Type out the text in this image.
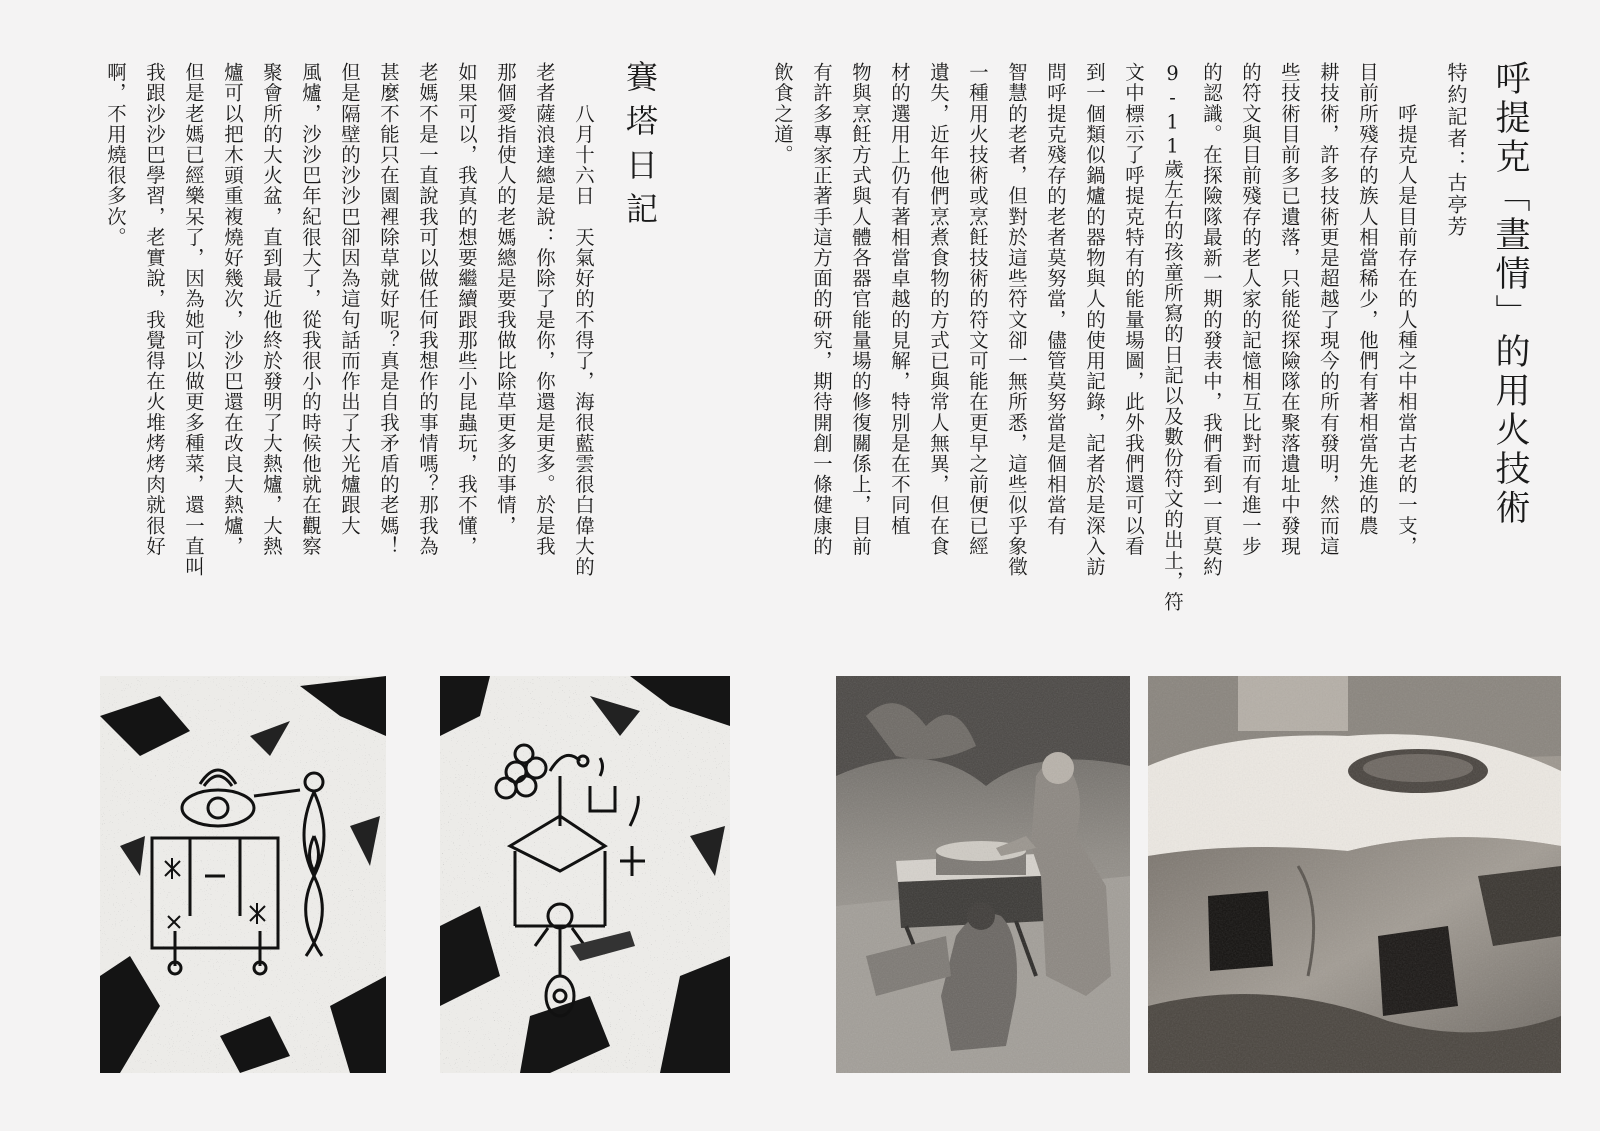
呼提克「晝情」的用火技術
特約記者：古亭芳
　　呼提克人是目前存在的人種之中相當古老的一支，
目前所殘存的族人相當稀少，他們有著相當先進的農
耕技術，許多技術更是超越了現今的所有發明，然而這
些技術目前多已遺落，只能從探險隊在聚落遺址中發現
的符文與目前殘存的老人家的記憶相互比對而有進一步
的認識。在探險隊最新一期的發表中，我們看到一頁莫約
9-11歲左右的孩童所寫的日記以及數份符文的出土，符
文中標示了呼提克特有的能量場圖，此外我們還可以看
到一個類似鍋爐的器物與人的使用記錄，記者於是深入訪
問呼提克殘存的老者莫努當，儘管莫努當是個相當有
智慧的老者，但對於這些符文卻一無所悉，這些似乎象徵
一種用火技術或烹飪技術的符文可能在更早之前便已經
遺失，近年他們烹煮食物的方式已與常人無異，但在食
材的選用上仍有著相當卓越的見解，特別是在不同植
物與烹飪方式與人體各器官能量場的修復關係上，目前
有許多專家正著手這方面的研究，期待開創一條健康的
飲食之道。
賽塔日記
　　八月十六日　天氣好的不得了，海很藍雲很白偉大的
老者薩浪達總是說：你除了是你，你還是更多。於是我
那個愛指使人的老媽總是要我做比除草更多的事情，
如果可以，我真的想要繼續跟那些小昆蟲玩，我不懂，
老媽不是一直說我可以做任何我想作的事情嗎？那我為
甚麼不能只在園裡除草就好呢？真是自我矛盾的老媽！
但是隔壁的沙沙巴卻因為這句話而作出了大光爐跟大
風爐，沙沙巴年紀很大了，從我很小的時候他就在觀察
聚會所的大火盆，直到最近他終於發明了大熱爐，大熱
爐可以把木頭重複燒好幾次，沙沙巴還在改良大熱爐，
但是老媽已經樂呆了，因為她可以做更多種菜，還一直叫
我跟沙沙巴學習，老實說，我覺得在火堆烤烤肉就很好
啊，不用燒很多次。
